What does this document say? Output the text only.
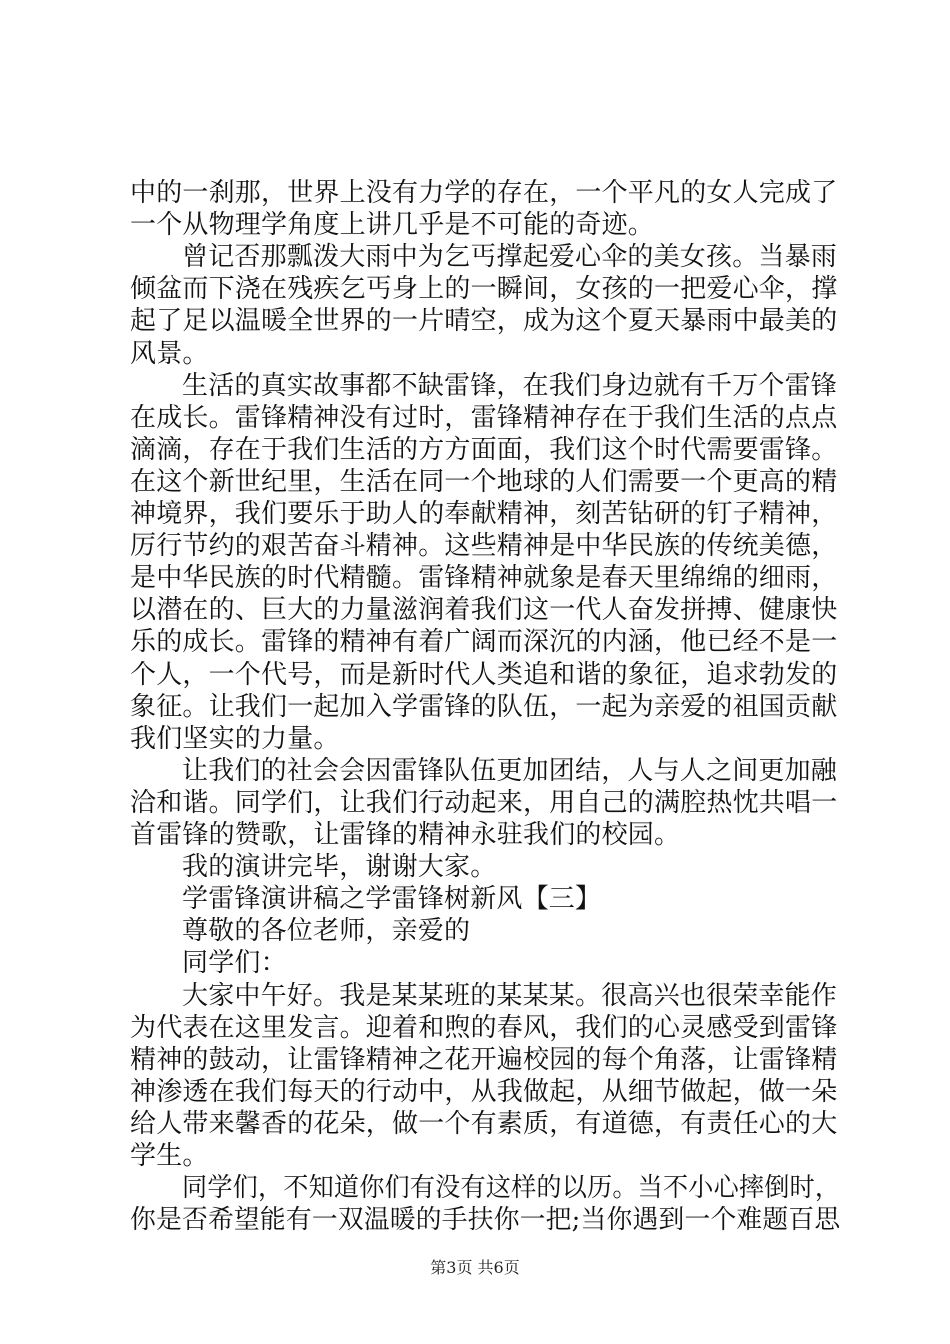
中的一刹那，世界上没有力学的存在，一个平凡的女人完成了
一个从物理学角度上讲几乎是不可能的奇迹。
曾记否那瓢泼大雨中为乞丐撑起爱心伞的美女孩。当暴雨
倾盆而下浇在残疾乞丐身上的一瞬间，女孩的一把爱心伞，撑
起了足以温暖全世界的一片晴空，成为这个夏天暴雨中最美的
风景。
生活的真实故事都不缺雷锋，在我们身边就有千万个雷锋
在成长。雷锋精神没有过时，雷锋精神存在于我们生活的点点
滴滴，存在于我们生活的方方面面，我们这个时代需要雷锋。
在这个新世纪里，生活在同一个地球的人们需要一个更高的精
神境界，我们要乐于助人的奉献精神，刻苦钻研的钉子精神，
厉行节约的艰苦奋斗精神。这些精神是中华民族的传统美德，
是中华民族的时代精髓。雷锋精神就象是春天里绵绵的细雨，
以潜在的、巨大的力量滋润着我们这一代人奋发拼搏、健康快
乐的成长。雷锋的精神有着广阔而深沉的内涵，他已经不是一
个人，一个代号，而是新时代人类追和谐的象征，追求勃发的
象征。让我们一起加入学雷锋的队伍，一起为亲爱的祖国贡献
我们坚实的力量。
让我们的社会会因雷锋队伍更加团结，人与人之间更加融
洽和谐。同学们，让我们行动起来，用自己的满腔热忱共唱一
首雷锋的赞歌，让雷锋的精神永驻我们的校园。
我的演讲完毕，谢谢大家。
学雷锋演讲稿之学雷锋树新风【三】
尊敬的各位老师，亲爱的
同学们：
大家中午好。我是某某班的某某某。很高兴也很荣幸能作
为代表在这里发言。迎着和煦的春风，我们的心灵感受到雷锋
精神的鼓动，让雷锋精神之花开遍校园的每个角落，让雷锋精
神渗透在我们每天的行动中，从我做起，从细节做起，做一朵
给人带来馨香的花朵，做一个有素质，有道德，有责任心的大
学生。
同学们，不知道你们有没有这样的以历。当不小心摔倒时，
你是否希望能有一双温暖的手扶你一把;当你遇到一个难题百思
第3页 共6页
